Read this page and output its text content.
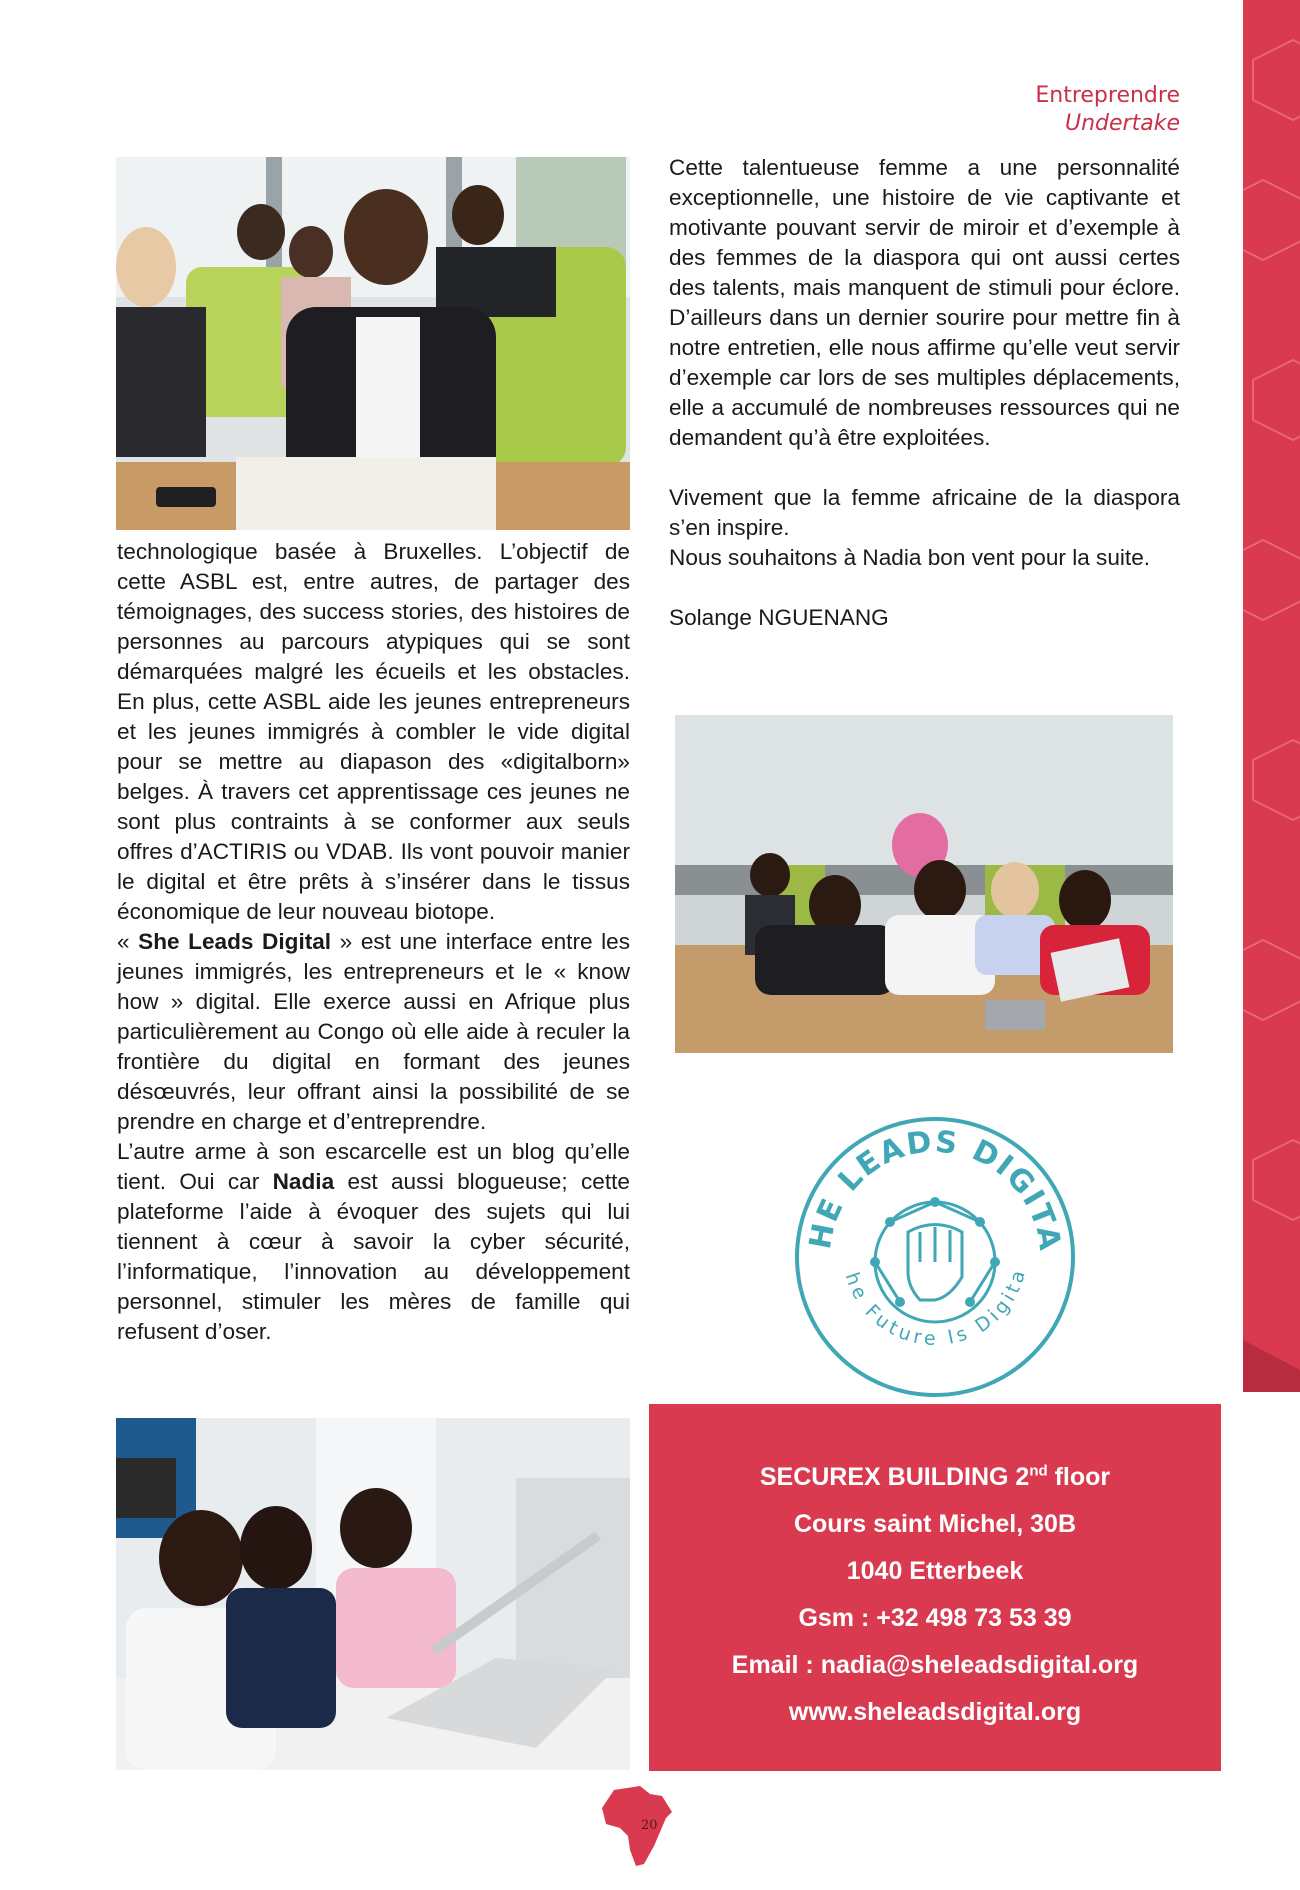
Entreprendre
Undertake

technologique basée à Bruxelles. L’objectif de cette ASBL est, entre autres, de partager des témoignages, des success stories, des histoires de personnes au parcours atypiques qui se sont démarquées malgré les écueils et les obstacles. En plus, cette ASBL aide les jeunes entrepreneurs et les jeunes immigrés à combler le vide digital pour se mettre au diapason des «digitalborn» belges. À travers cet apprentissage ces jeunes ne sont plus contraints à se conformer aux seuls offres d’ACTIRIS ou VDAB. Ils vont pouvoir manier le digital et être prêts à s’insérer dans le tissus économique de leur nouveau biotope.

« She Leads Digital » est une interface entre les jeunes immigrés, les entrepreneurs et le « know how » digital. Elle exerce aussi en Afrique plus particulièrement au Congo où elle aide à reculer la frontière du digital en formant des jeunes désœuvrés, leur offrant ainsi la possibilité de se prendre en charge et d’entreprendre.

L’autre arme à son escarcelle est un blog qu’elle tient. Oui car Nadia est aussi blogueuse; cette plateforme l’aide à évoquer des sujets qui lui tiennent à cœur à savoir la cyber sécurité, l’informatique, l’innovation au développement personnel, stimuler les mères de famille qui refusent d’oser.

Cette talentueuse femme a une personnalité exceptionnelle, une histoire de vie captivante et motivante pouvant servir de miroir et d’exemple à des femmes de la diaspora qui ont aussi certes des talents, mais manquent de stimuli pour éclore. D’ailleurs dans un dernier sourire pour mettre fin à notre entretien, elle nous affirme qu’elle veut servir d’exemple car lors de ses multiples déplacements, elle a accumulé de nombreuses ressources qui ne demandent qu’à être exploitées.

Vivement que la femme africaine de la diaspora s’en inspire.

Nous souhaitons à Nadia bon vent pour la suite.

Solange NGUENANG

HE LEADS DIGITA
he Future Is Digita
SECUREX BUILDING 2nd floor
Cours saint Michel, 30B
1040 Etterbeek
Gsm : +32 498 73 53 39
Email : nadia@sheleadsdigital.org
www.sheleadsdigital.org
20
